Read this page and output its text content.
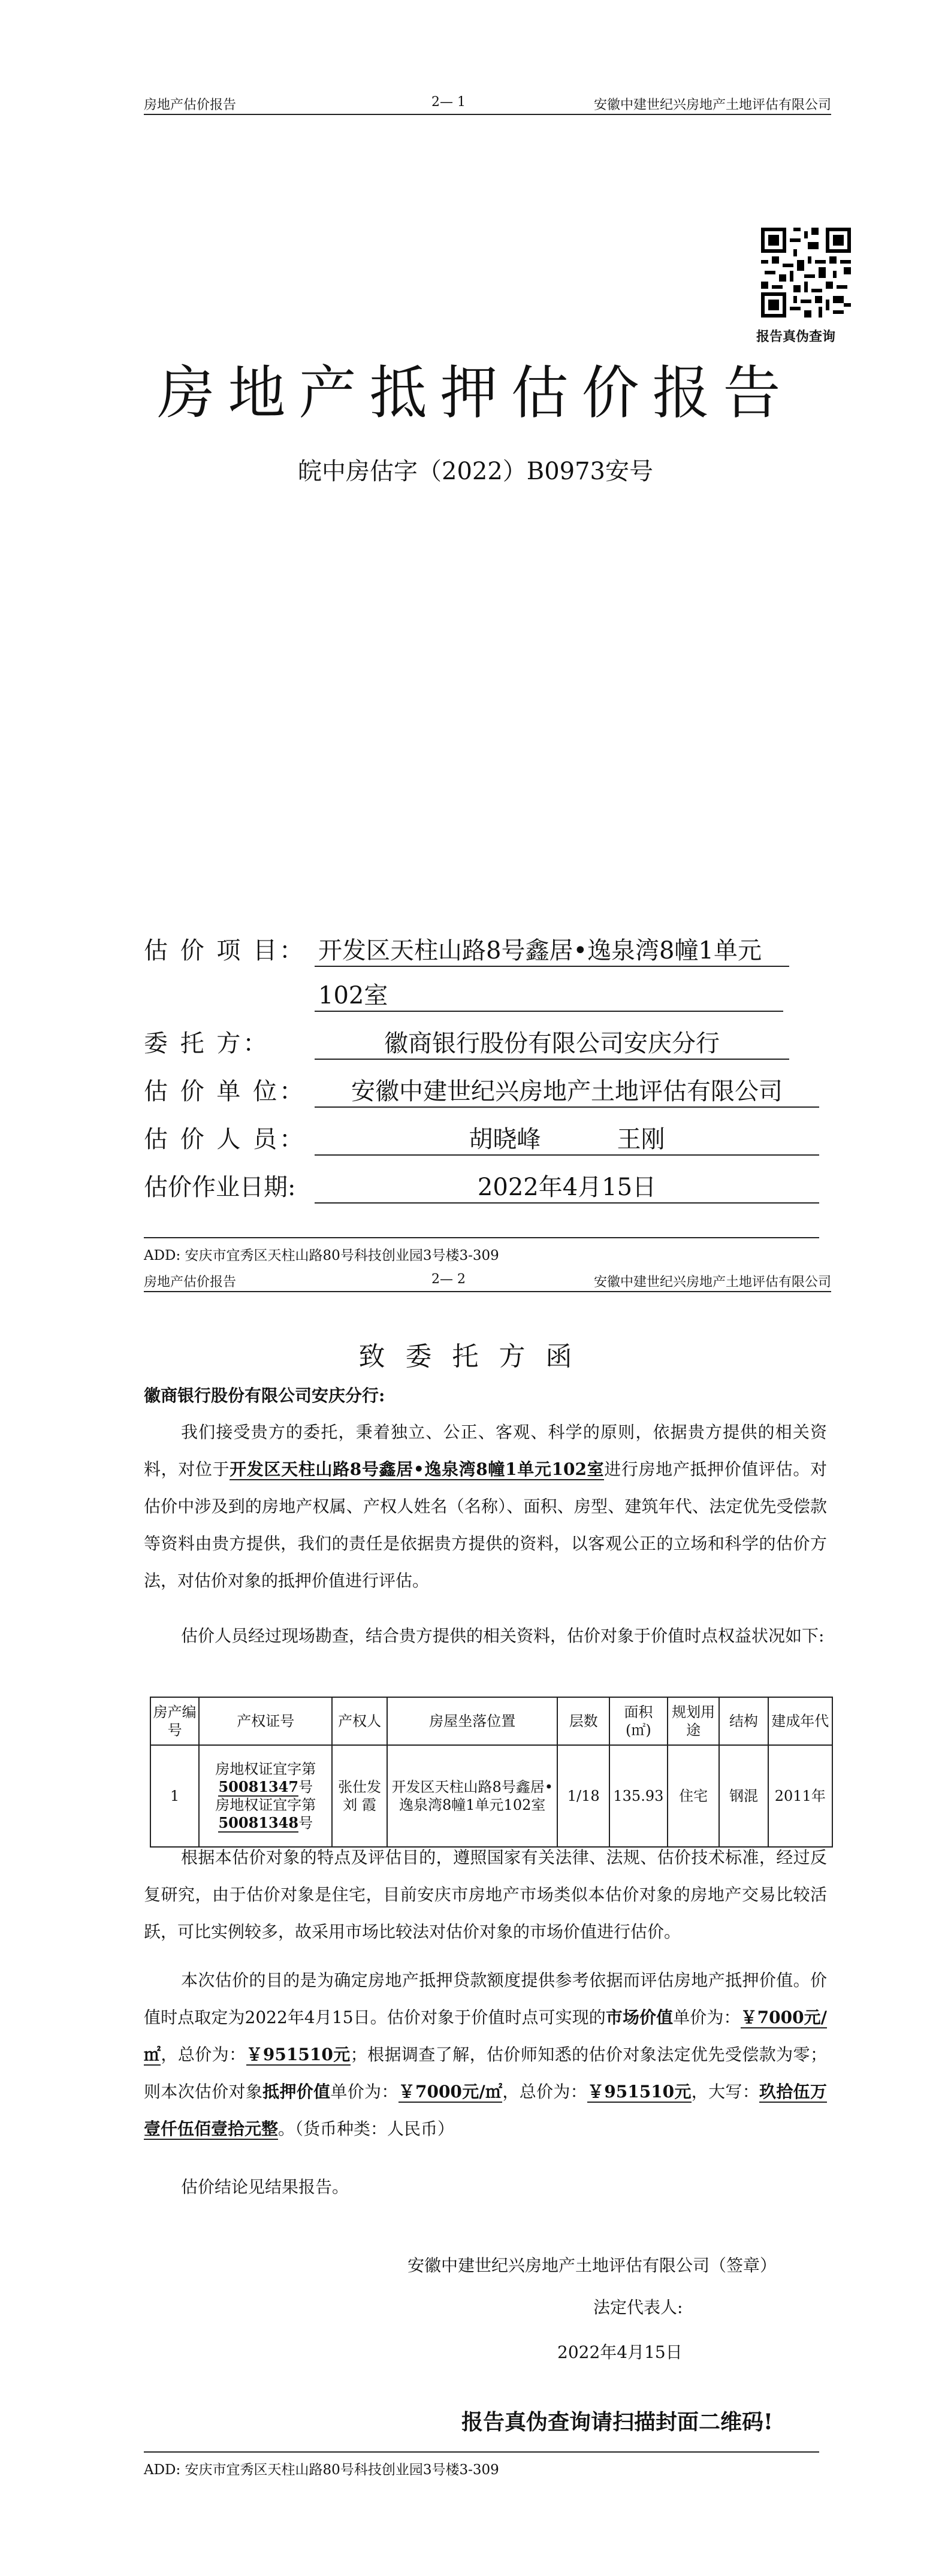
房地产估价报告	2— 1	安徽中建世纪兴房地产土地评估有限公司
报告真伪查询
房地产抵押估价报告
皖中房估字（2022）B0973安号
估 价 项 目： 开发区天柱山路8号鑫居•逸泉湾8幢1单元
102室
委 托 方：	徽商银行股份有限公司安庆分行
估 价 单 位： 安徽中建世纪兴房地产土地评估有限公司
估 价 人 员：	胡晓峰          王刚
估价作业日期:	2022年4月15日
ADD: 安庆市宜秀区天柱山路80号科技创业园3号楼3-309
房地产估价报告	2— 2	安徽中建世纪兴房地产土地评估有限公司
致委托方函
徽商银行股份有限公司安庆分行:
我们接受贵方的委托，秉着独立、公正、客观、科学的原则，依据贵方提供的相关资料，对位于开发区天柱山路8号鑫居•逸泉湾8幢1单元102室进行房地产抵押价值评估。对估价中涉及到的房地产权属、产权人姓名（名称）、面积、房型、建筑年代、法定优先受偿款等资料由贵方提供，我们的责任是依据贵方提供的资料，以客观公正的立场和科学的估价方法，对估价对象的抵押价值进行评估。
估价人员经过现场勘查，结合贵方提供的相关资料，估价对象于价值时点权益状况如下:
房产编号	产权证号	产权人	房屋坐落位置	层数	面积(㎡)	规划用途	结构	建成年代
1	房地权证宜字第
50081347号
房地权证宜字第
50081348号	张仕发 刘 霞	开发区天柱山路8号鑫居•逸泉湾8幢1单元102室	1/18	135.93	住宅	钢混	2011年
根据本估价对象的特点及评估目的，遵照国家有关法律、法规、估价技术标准，经过反复研究，由于估价对象是住宅，目前安庆市房地产市场类似本估价对象的房地产交易比较活跃，可比实例较多，故采用市场比较法对估价对象的市场价值进行估价。
本次估价的目的是为确定房地产抵押贷款额度提供参考依据而评估房地产抵押价值。价值时点取定为2022年4月15日。估价对象于价值时点可实现的市场价值单价为：￥7000元/㎡，总价为：￥951510元；根据调查了解，估价师知悉的估价对象法定优先受偿款为零；则本次估价对象抵押价值单价为：￥7000元/㎡，总价为：￥951510元，大写：玖拾伍万壹仟伍佰壹拾元整。（货币种类：人民币）
估价结论见结果报告。
安徽中建世纪兴房地产土地评估有限公司（签章）
法定代表人:
2022年4月15日
报告真伪查询请扫描封面二维码!
ADD: 安庆市宜秀区天柱山路80号科技创业园3号楼3-309
